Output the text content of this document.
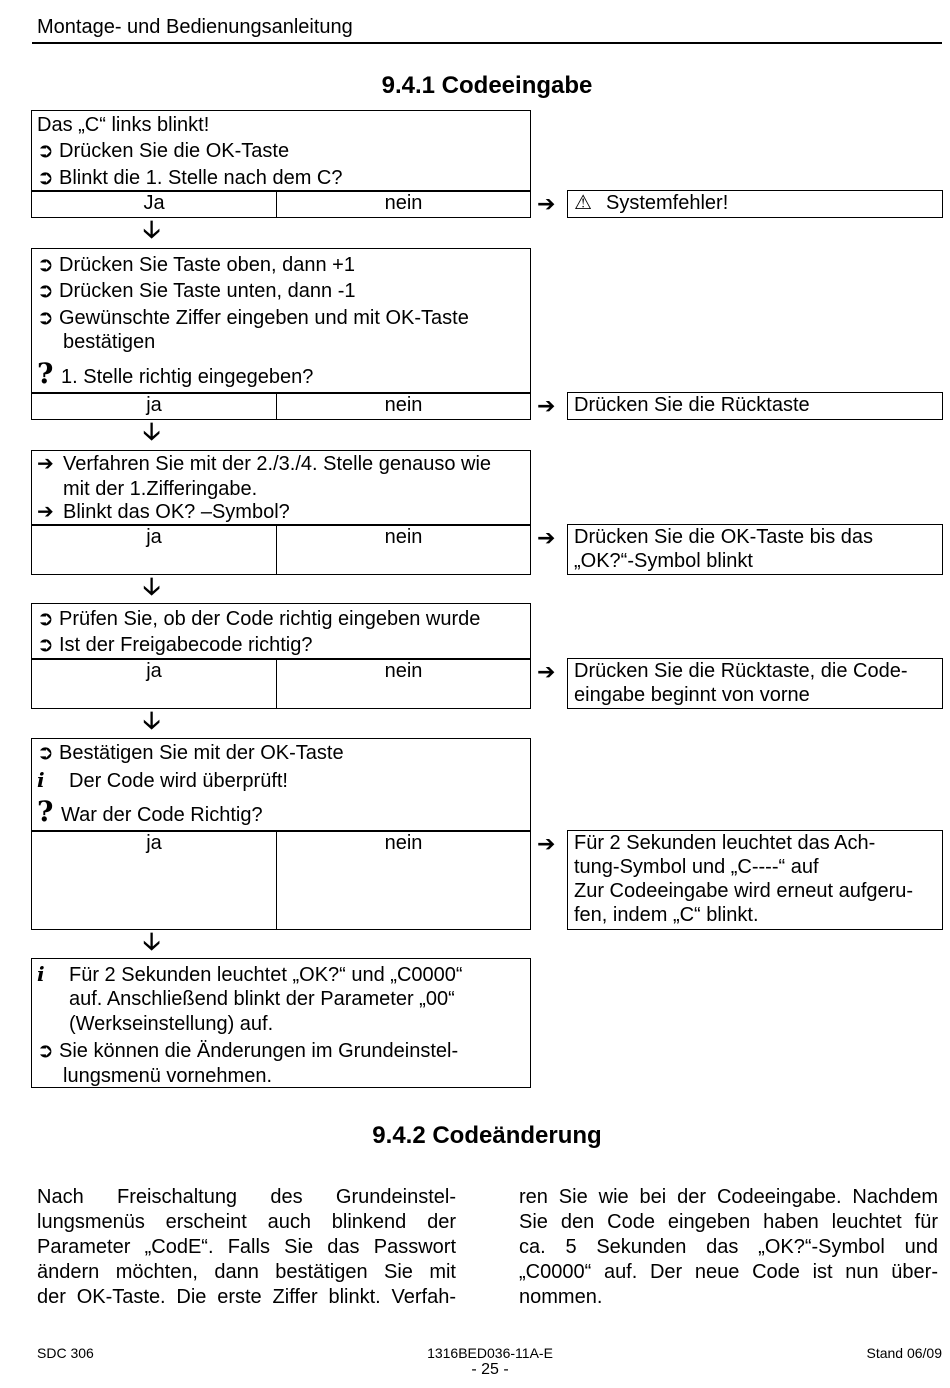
Montage- und Bedienungsanleitung
9.4.1 Codeeingabe
Das „C“ links blinkt!
➲ Drücken Sie die OK-Taste
➲ Blinkt die 1. Stelle nach dem C?
Ja	nein	➔ ⚠ Systemfehler!
🡣
➲ Drücken Sie Taste oben, dann +1
➲ Drücken Sie Taste unten, dann -1
➲ Gewünschte Ziffer eingeben und mit OK-Taste
bestätigen
? 1. Stelle richtig eingegeben?
ja	nein	➔ Drücken Sie die Rücktaste
🡣
➔ Verfahren Sie mit der 2./3./4. Stelle genauso wie
mit der 1.Zifferingabe.
➔ Blinkt das OK? –Symbol?
ja	nein	➔ Drücken Sie die OK-Taste bis das
„OK?“-Symbol blinkt
🡣
➲ Prüfen Sie, ob der Code richtig eingeben wurde
➲ Ist der Freigabecode richtig?
ja	nein	➔ Drücken Sie die Rücktaste, die Code-
eingabe beginnt von vorne
🡣
➲ Bestätigen Sie mit der OK-Taste
i Der Code wird überprüft!
? War der Code Richtig?
ja	nein	➔ Für 2 Sekunden leuchtet das Ach-
tung-Symbol und „C----“ auf
Zur Codeeingabe wird erneut aufgeru-
fen, indem „C“ blinkt.
🡣
i Für 2 Sekunden leuchtet „OK?“ und „C0000“
auf. Anschließend blinkt der Parameter „00“
(Werkseinstellung) auf.
➲ Sie können die Änderungen im Grundeinstel-
lungsmenü vornehmen.
9.4.2 Codeänderung
Nach Freischaltung des Grundeinstel-
lungsmenüs erscheint auch blinkend der
Parameter „CodE“. Falls Sie das Passwort
ändern möchten, dann bestätigen Sie mit
der OK-Taste. Die erste Ziffer blinkt. Verfah-
ren Sie wie bei der Codeeingabe. Nachdem
Sie den Code eingeben haben leuchtet für
ca. 5 Sekunden das „OK?“-Symbol und
„C0000“ auf. Der neue Code ist nun über-
nommen.
SDC 306	1316BED036-11A-E
- 25 -
Stand 06/09
